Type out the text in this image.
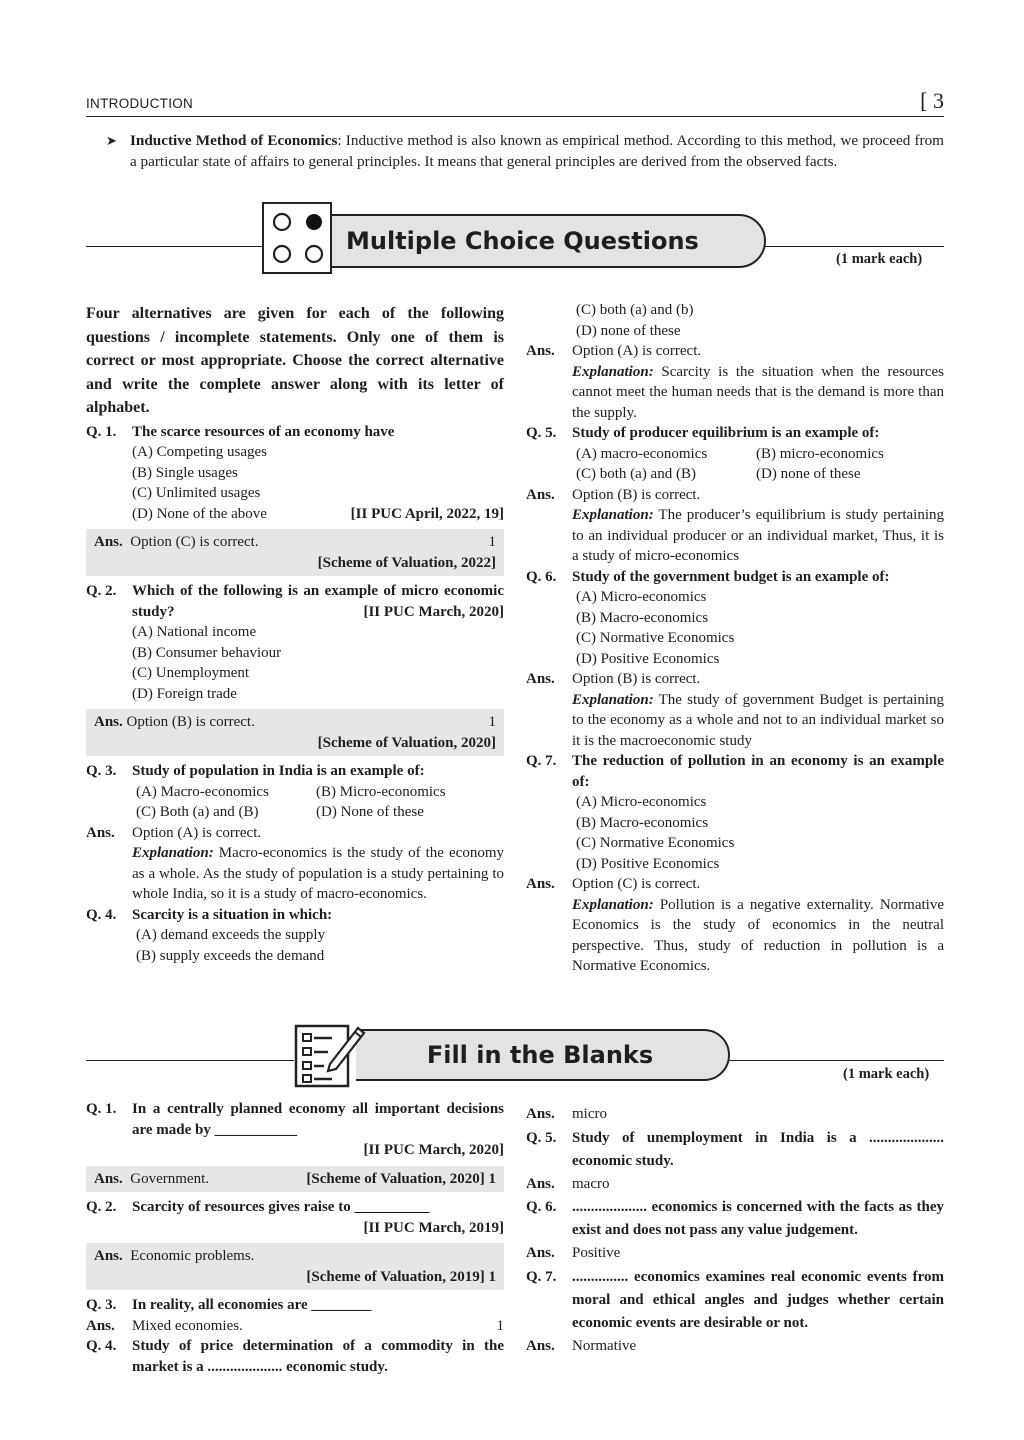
INTRODUCTION	[ 3
➤ Inductive Method of Economics: Inductive method is also known as empirical method. According to this method, we proceed from a particular state of affairs to general principles. It means that general principles are derived from the observed facts.
Multiple Choice Questions
(1 mark each)
Four alternatives are given for each of the following questions / incomplete statements. Only one of them is correct or most appropriate. Choose the correct alternative and write the complete answer along with its letter of alphabet.
Q. 1. The scarce resources of an economy have
(A) Competing usages
(B) Single usages
(C) Unlimited usages
(D) None of the above	[II PUC April, 2022, 19]
Ans. Option (C) is correct.	1
[Scheme of Valuation, 2022]
Q. 2. Which of the following is an example of micro economic study?	[II PUC March, 2020]
(A) National income
(B) Consumer behaviour
(C) Unemployment
(D) Foreign trade
Ans. Option (B) is correct.	1
[Scheme of Valuation, 2020]
Q. 3. Study of population in India is an example of:
(A) Macro-economics	(B) Micro-economics
(C) Both (a) and (B)	(D) None of these
Ans. Option (A) is correct.
Explanation: Macro-economics is the study of the economy as a whole. As the study of population is a study pertaining to whole India, so it is a study of macro-economics.
Q. 4. Scarcity is a situation in which:
(A) demand exceeds the supply
(B) supply exceeds the demand
(C) both (a) and (b)
(D) none of these
Ans. Option (A) is correct.
Explanation: Scarcity is the situation when the resources cannot meet the human needs that is the demand is more than the supply.
Q. 5. Study of producer equilibrium is an example of:
(A) macro-economics	(B) micro-economics
(C) both (a) and (B)	(D) none of these
Ans. Option (B) is correct.
Explanation: The producer’s equilibrium is study pertaining to an individual producer or an individual market, Thus, it is a study of micro-economics
Q. 6. Study of the government budget is an example of:
(A) Micro-economics
(B) Macro-economics
(C) Normative Economics
(D) Positive Economics
Ans. Option (B) is correct.
Explanation: The study of government Budget is pertaining to the economy as a whole and not to an individual market so it is the macroeconomic study
Q. 7. The reduction of pollution in an economy is an example of:
(A) Micro-economics
(B) Macro-economics
(C) Normative Economics
(D) Positive Economics
Ans. Option (C) is correct.
Explanation: Pollution is a negative externality. Normative Economics is the study of economics in the neutral perspective. Thus, study of reduction in pollution is a Normative Economics.
Fill in the Blanks
(1 mark each)
Q. 1. In a centrally planned economy all important decisions are made by ___________
[II PUC March, 2020]
Ans. Government.	[Scheme of Valuation, 2020] 1
Q. 2. Scarcity of resources gives raise to __________
[II PUC March, 2019]
Ans. Economic problems.
[Scheme of Valuation, 2019] 1
Q. 3. In reality, all economies are ________
Ans. Mixed economies.	1
Q. 4. Study of price determination of a commodity in the market is a .................... economic study.
Ans. micro
Q. 5. Study of unemployment in India is a .................... economic study.
Ans. macro
Q. 6. .................... economics is concerned with the facts as they exist and does not pass any value judgement.
Ans. Positive
Q. 7. ............... economics examines real economic events from moral and ethical angles and judges whether certain economic events are desirable or not.
Ans. Normative
